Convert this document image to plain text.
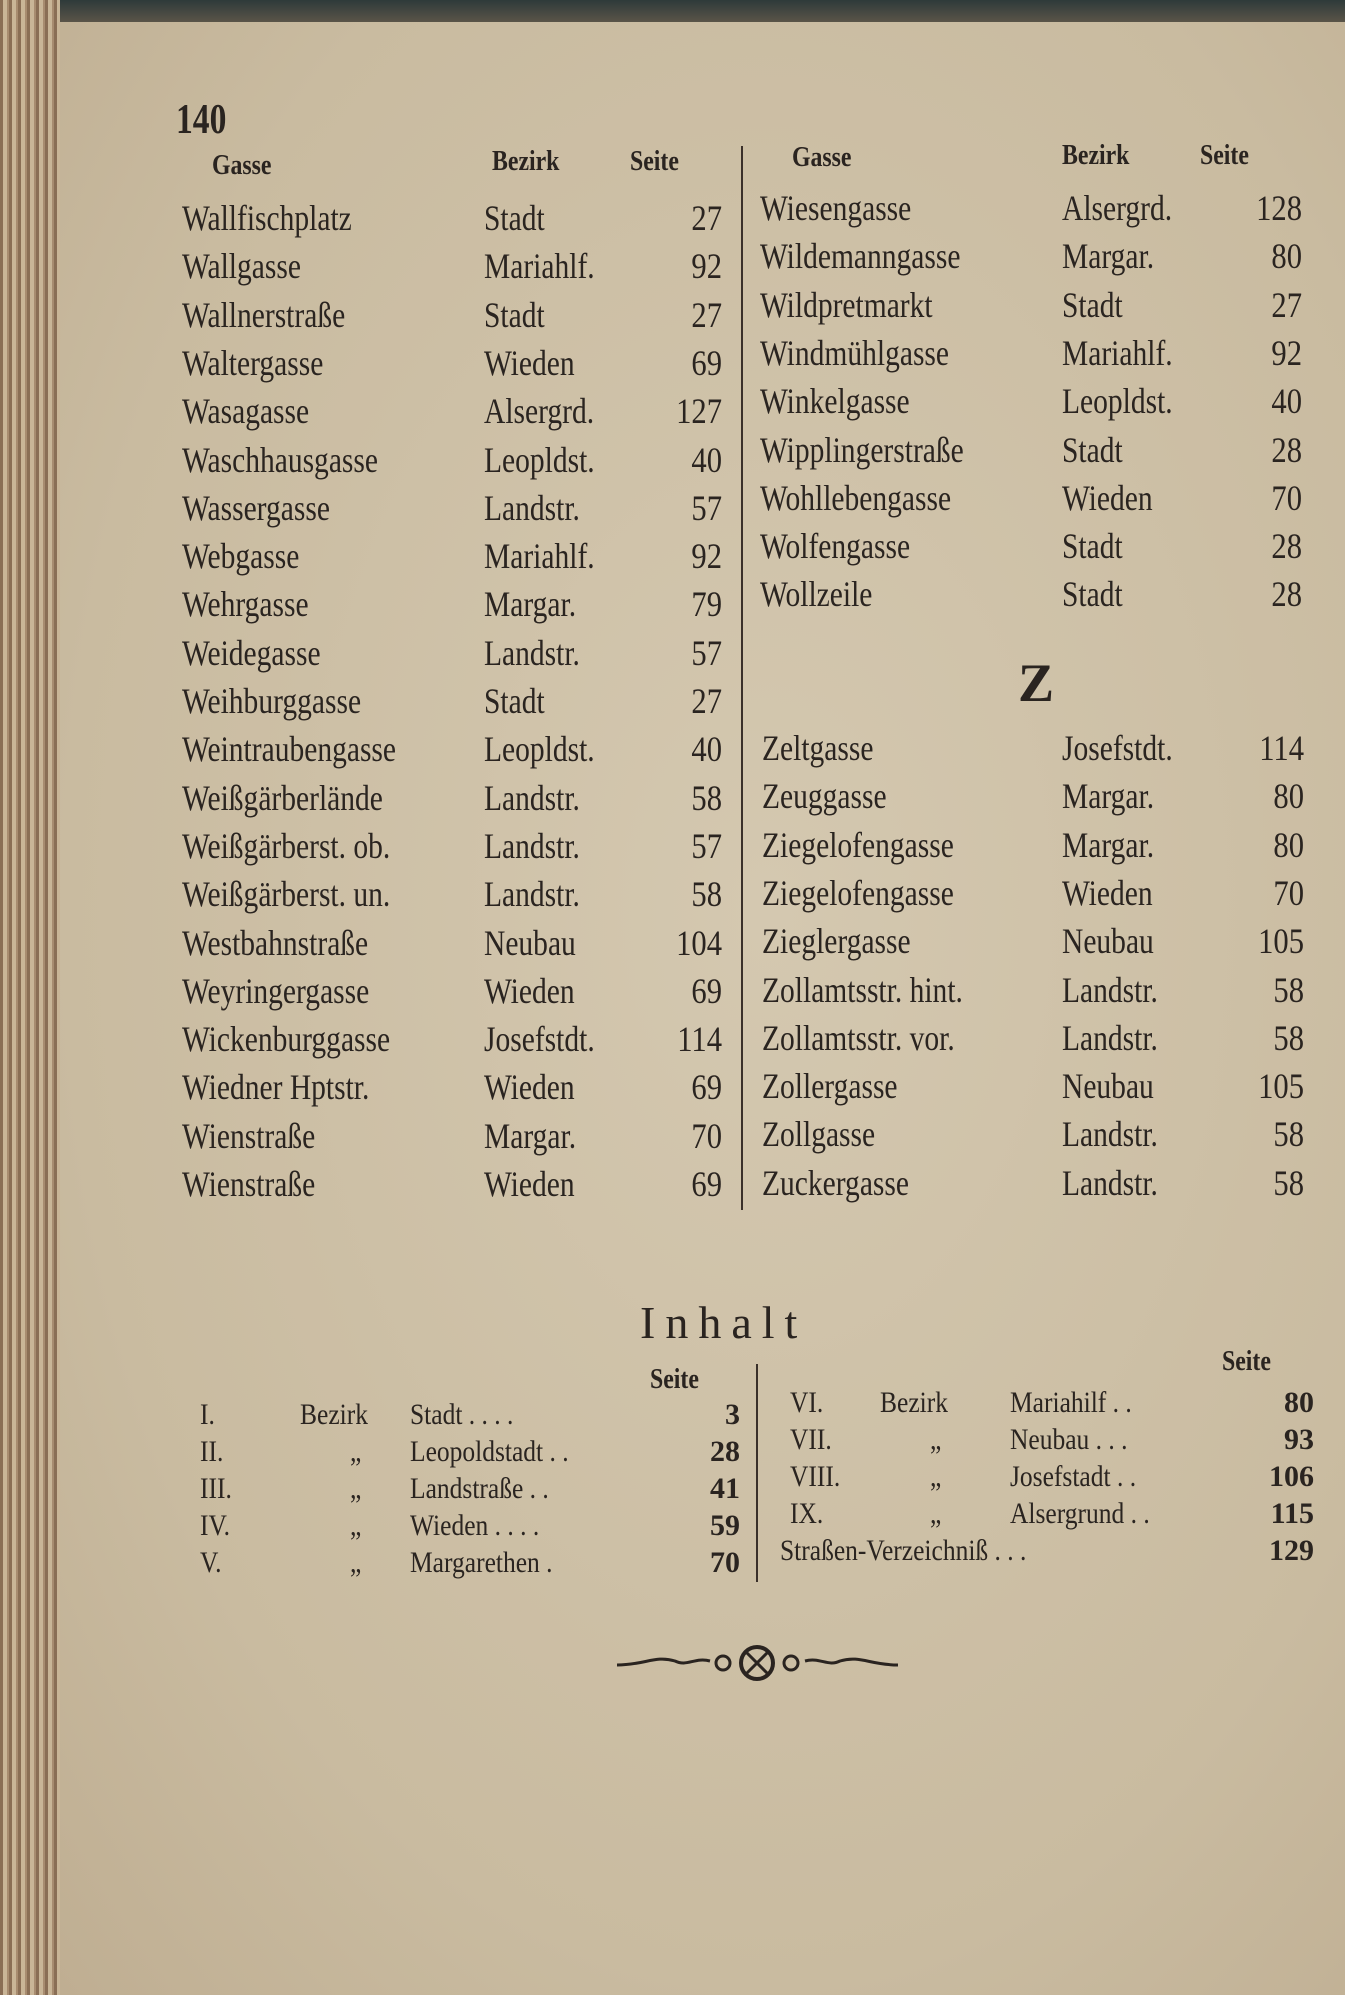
140
Gasse	Bezirk	Seite	Gasse	Bezirk	Seite
Wallfischplatz	Stadt	27
Wallgasse	Mariahlf.	92
Wallnerstraße	Stadt	27
Waltergasse	Wieden	69
Wasagasse	Alsergrd.	127
Waschhausgasse	Leopldst.	40
Wassergasse	Landstr.	57
Webgasse	Mariahlf.	92
Wehrgasse	Margar.	79
Weidegasse	Landstr.	57
Weihburggasse	Stadt	27
Weintraubengasse Leopldst.	40
Weißgärberlände	Landstr.	58
Weißgärberst. ob.	Landstr.	57
Weißgärberst. un.	Landstr.	58
Westbahnstraße	Neubau	104
Weyringergasse	Wieden	69
Wickenburggasse	Josefstdt.	114
Wiedner Hptstr.	Wieden	69
Wienstraße	Margar.	70
Wienstraße	Wieden	69
Wiesengasse	Alsergrd.	128
Wildemanngasse	Margar.	80
Wildpretmarkt	Stadt	27
Windmühlgasse	Mariahlf.	92
Winkelgasse	Leopldst.	40
Wipplingerstraße	Stadt	28
Wohllebengasse	Wieden	70
Wolfengasse	Stadt	28
Wollzeile	Stadt	28
Z
Zeltgasse	Josefstdt.	114
Zeuggasse	Margar.	80
Ziegelofengasse	Margar.	80
Ziegelofengasse	Wieden	70
Zieglergasse	Neubau	105
Zollamtsstr. hint.	Landstr.	58
Zollamtsstr. vor.	Landstr.	58
Zollergasse	Neubau	105
Zollgasse	Landstr.	58
Zuckergasse	Landstr.	58
Inhalt
Seite
Seite
I.	Bezirk Stadt . . . .	3
II.	„ Leopoldstadt . .	28
III.	„ Landstraße . .	41
IV.	„ Wieden . . . .	59
V.	„ Margarethen .	70
VI. Bezirk Mariahilf . .	80
VII.	„ Neubau . . .	93
VIII.	„ Josefstadt . .	106
IX.	„ Alsergrund . .	115
Straßen-Verzeichniß . . .	129
